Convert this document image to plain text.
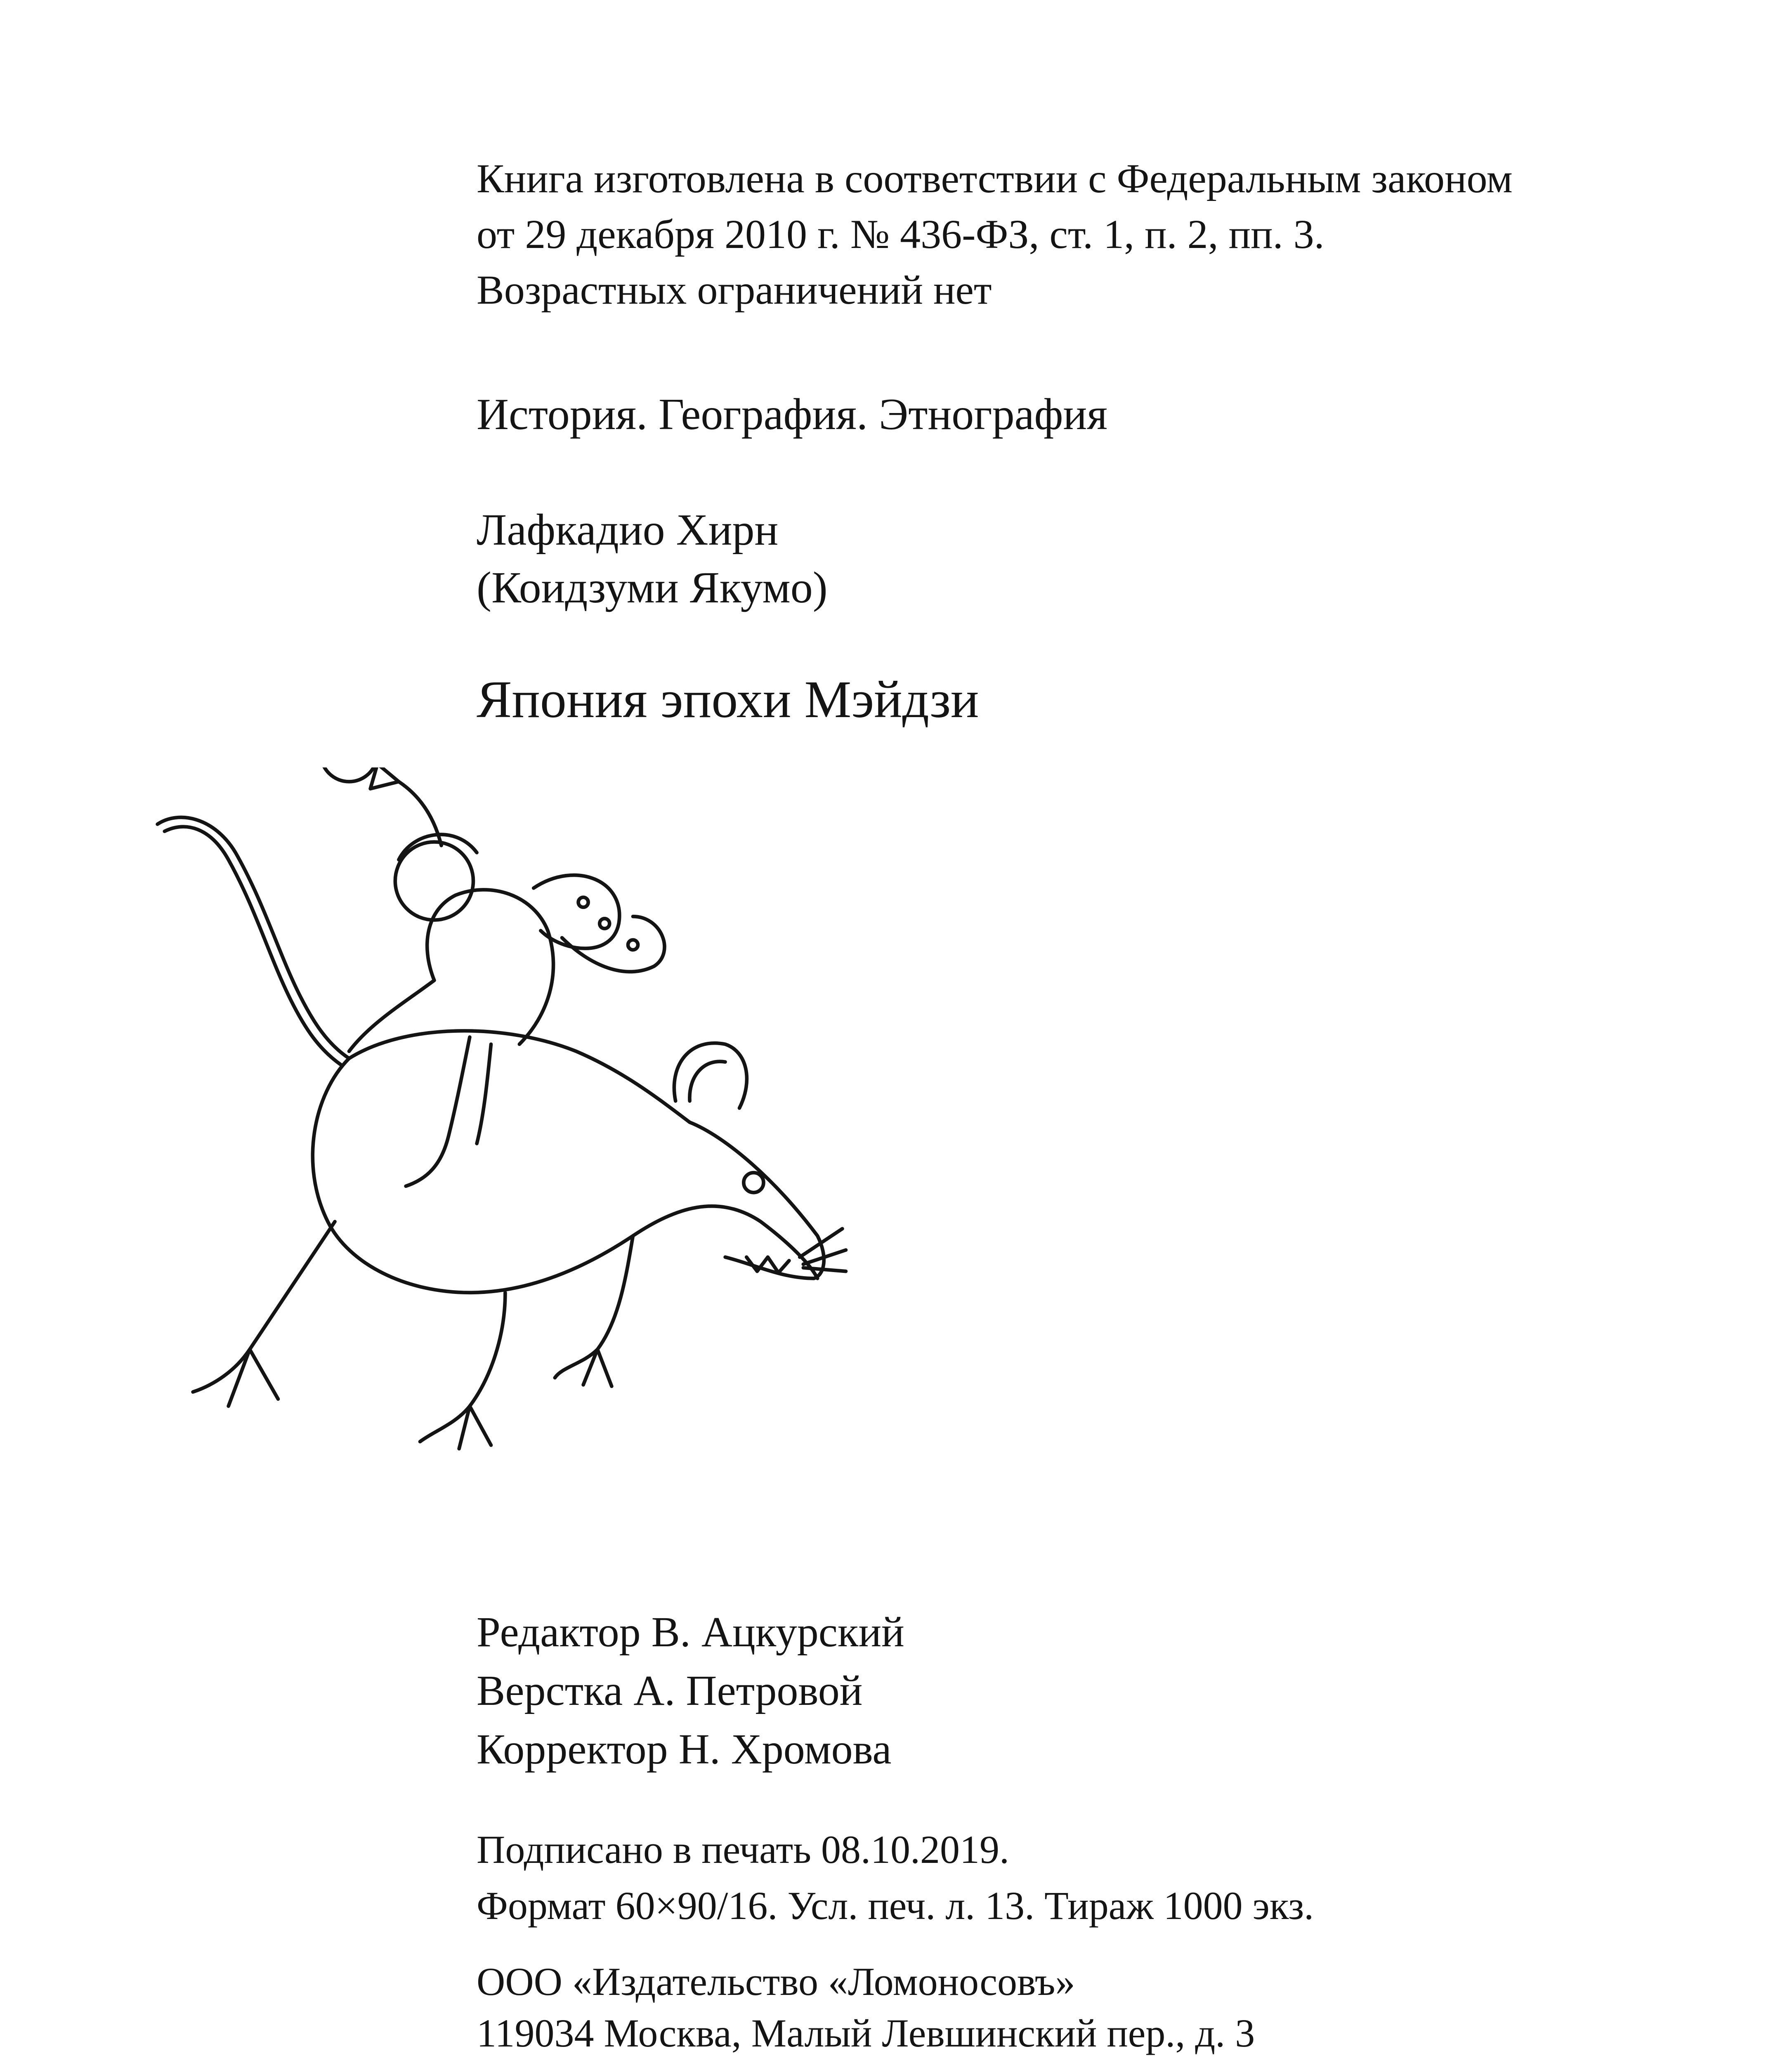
Книга изготовлена в соответствии с Федеральным законом
от 29 декабря 2010 г. № 436-ФЗ, ст. 1, п. 2, пп. 3.
Возрастных ограничений нет
История. География. Этнография
Лафкадио Хирн
(Коидзуми Якумо)
Япония эпохи Мэйдзи
Редактор В. Ацкурский
Верстка А. Петровой
Корректор Н. Хромова
Подписано в печать 08.10.2019.
Формат 60×90/16. Усл. печ. л. 13. Тираж 1000 экз.
ООО «Издательство «Ломоносовъ»
119034 Москва, Малый Левшинский пер., д. 3
